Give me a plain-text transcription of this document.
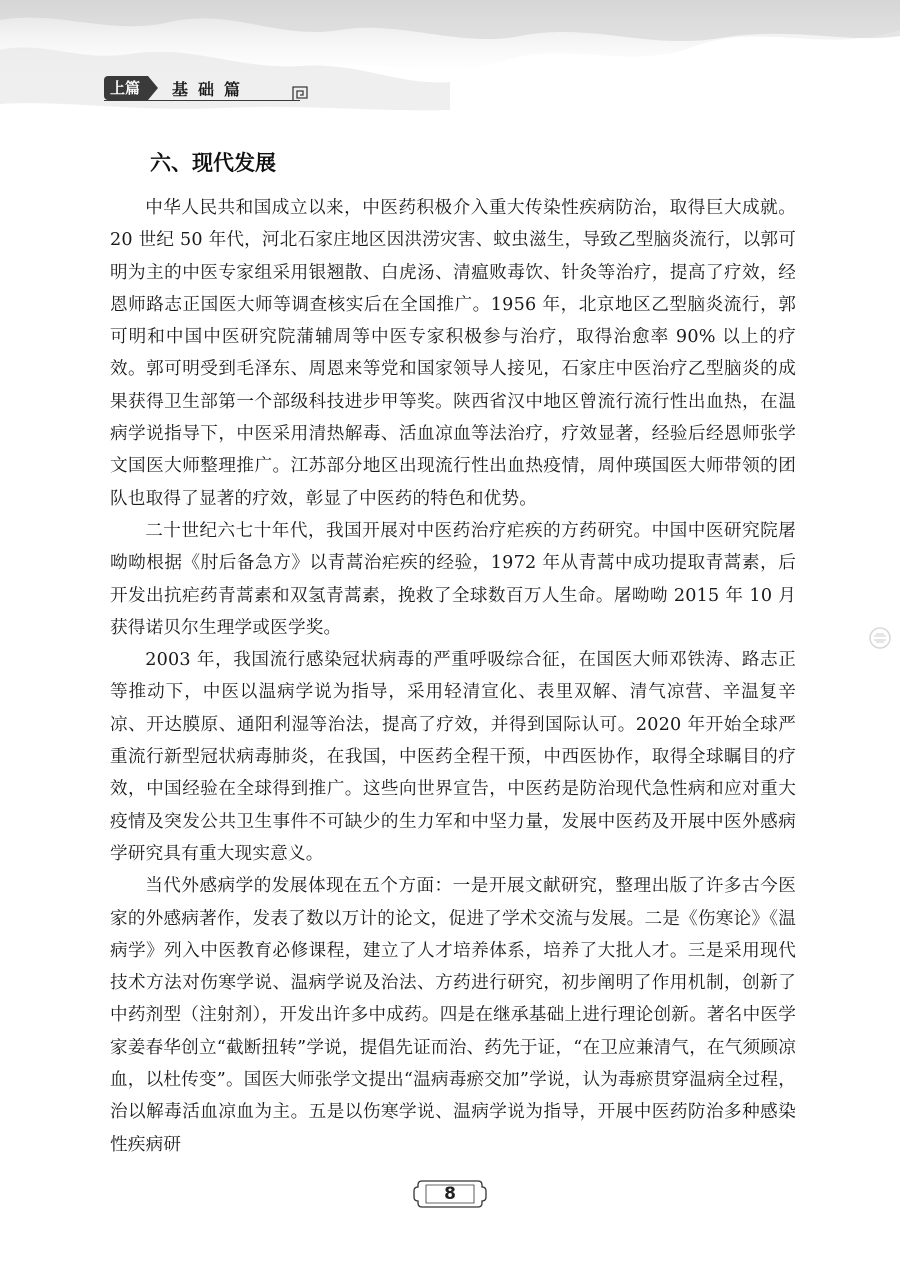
上篇	基础篇
六、现代发展

中华人民共和国成立以来，中医药积极介入重大传染性疾病防治，取得巨大成就。20 世纪 50 年代，河北石家庄地区因洪涝灾害、蚊虫滋生，导致乙型脑炎流行，以郭可明为主的中医专家组采用银翘散、白虎汤、清瘟败毒饮、针灸等治疗，提高了疗效，经恩师路志正国医大师等调查核实后在全国推广。1956 年，北京地区乙型脑炎流行，郭可明和中国中医研究院蒲辅周等中医专家积极参与治疗，取得治愈率 90% 以上的疗效。郭可明受到毛泽东、周恩来等党和国家领导人接见，石家庄中医治疗乙型脑炎的成果获得卫生部第一个部级科技进步甲等奖。陕西省汉中地区曾流行流行性出血热，在温病学说指导下，中医采用清热解毒、活血凉血等法治疗，疗效显著，经验后经恩师张学文国医大师整理推广。江苏部分地区出现流行性出血热疫情，周仲瑛国医大师带领的团队也取得了显著的疗效，彰显了中医药的特色和优势。

二十世纪六七十年代，我国开展对中医药治疗疟疾的方药研究。中国中医研究院屠呦呦根据《肘后备急方》以青蒿治疟疾的经验，1972 年从青蒿中成功提取青蒿素，后开发出抗疟药青蒿素和双氢青蒿素，挽救了全球数百万人生命。屠呦呦 2015 年 10 月获得诺贝尔生理学或医学奖。

2003 年，我国流行感染冠状病毒的严重呼吸综合征，在国医大师邓铁涛、路志正等推动下，中医以温病学说为指导，采用轻清宣化、表里双解、清气凉营、辛温复辛凉、开达膜原、通阳利湿等治法，提高了疗效，并得到国际认可。2020 年开始全球严重流行新型冠状病毒肺炎，在我国，中医药全程干预，中西医协作，取得全球瞩目的疗效，中国经验在全球得到推广。这些向世界宣告，中医药是防治现代急性病和应对重大疫情及突发公共卫生事件不可缺少的生力军和中坚力量，发展中医药及开展中医外感病学研究具有重大现实意义。

当代外感病学的发展体现在五个方面：一是开展文献研究，整理出版了许多古今医家的外感病著作，发表了数以万计的论文，促进了学术交流与发展。二是《伤寒论》《温病学》列入中医教育必修课程，建立了人才培养体系，培养了大批人才。三是采用现代技术方法对伤寒学说、温病学说及治法、方药进行研究，初步阐明了作用机制，创新了中药剂型（注射剂），开发出许多中成药。四是在继承基础上进行理论创新。著名中医学家姜春华创立“截断扭转”学说，提倡先证而治、药先于证，“在卫应兼清气，在气须顾凉血，以杜传变”。国医大师张学文提出“温病毒瘀交加”学说，认为毒瘀贯穿温病全过程，治以解毒活血凉血为主。五是以伤寒学说、温病学说为指导，开展中医药防治多种感染性疾病研

8
